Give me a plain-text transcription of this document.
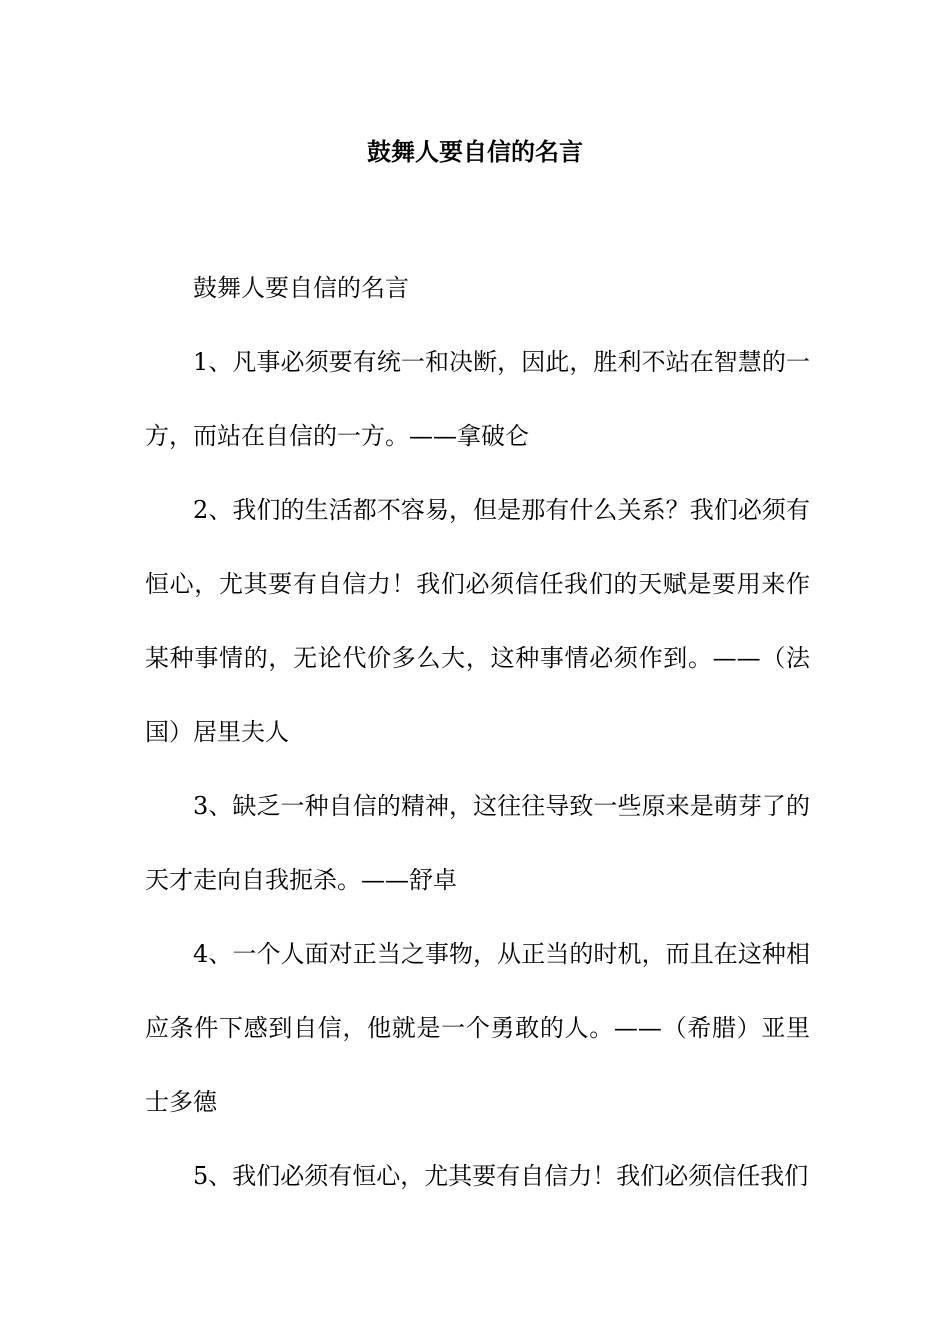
鼓舞人要自信的名言

鼓舞人要自信的名言

1、凡事必须要有统一和决断，因此，胜利不站在智慧的一方，而站在自信的一方。——拿破仑

2、我们的生活都不容易，但是那有什么关系？我们必须有恒心，尤其要有自信力！我们必须信任我们的天赋是要用来作某种事情的，无论代价多么大，这种事情必须作到。——（法国）居里夫人

3、缺乏一种自信的精神，这往往导致一些原来是萌芽了的天才走向自我扼杀。——舒卓

4、一个人面对正当之事物，从正当的时机，而且在这种相应条件下感到自信，他就是一个勇敢的人。——（希腊）亚里士多德

5、我们必须有恒心，尤其要有自信力！我们必须信任我们
